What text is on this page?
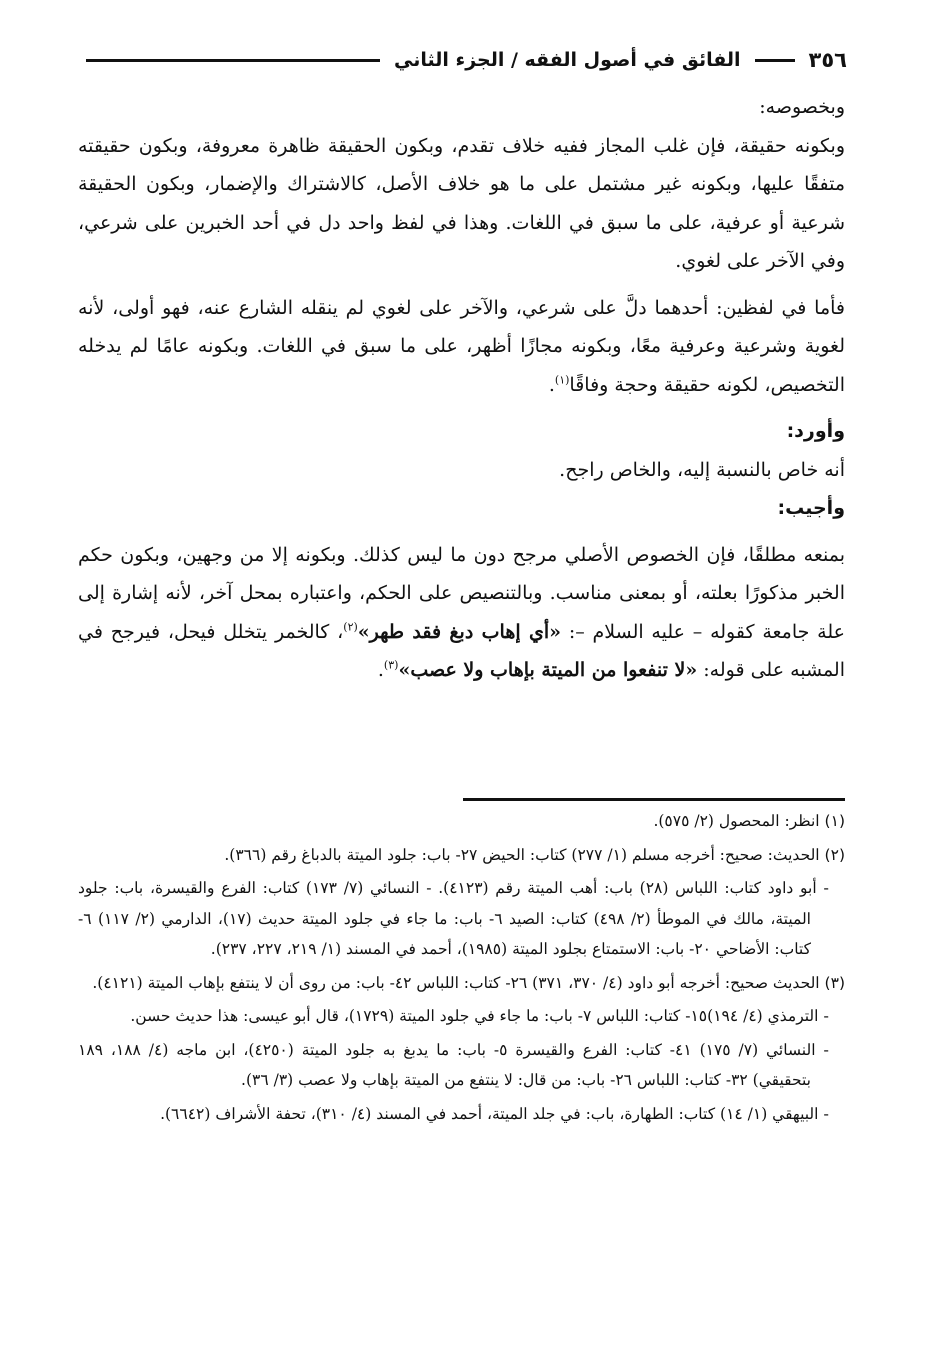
٣٥٦
الفائق في أصول الفقه / الجزء الثاني

وبخصوصه:

وبكونه حقيقة، فإن غلب المجاز ففيه خلاف تقدم، وبكون الحقيقة ظاهرة معروفة، وبكون حقيقته متفقًا عليها، وبكونه غير مشتمل على ما هو خلاف الأصل، كالاشتراك والإضمار، وبكون الحقيقة شرعية أو عرفية، على ما سبق في اللغات. وهذا في لفظ واحد دل في أحد الخبرين على شرعي، وفي الآخر على لغوي.

فأما في لفظين: أحدهما دلَّ على شرعي، والآخر على لغوي لم ينقله الشارع عنه، فهو أولى، لأنه لغوية وشرعية وعرفية معًا، وبكونه مجازًا أظهر، على ما سبق في اللغات. وبكونه عامًا لم يدخله التخصيص، لكونه حقيقة وحجة وفاقًا$^{(١)}$.

وأورد:

أنه خاص بالنسبة إليه، والخاص راجح.

وأجيب:

بمنعه مطلقًا، فإن الخصوص الأصلي مرجح دون ما ليس كذلك. وبكونه إلا من وجهين، وبكون حكم الخبر مذكورًا بعلته، أو بمعنى مناسب. وبالتنصيص على الحكم، واعتباره بمحل آخر، لأنه إشارة إلى علة جامعة كقوله – عليه السلام –: «أي إهاب دبغ فقد طهر»$^{(٢)}$، كالخمر يتخلل فيحل، فيرجح في المشبه على قوله: «لا تنفعوا من الميتة بإهاب ولا عصب»$^{(٣)}$.

(١) انظر: المحصول (٢/ ٥٧٥).

(٢) الحديث: صحيح: أخرجه مسلم (١/ ٢٧٧) كتاب: الحيض ٢٧- باب: جلود الميتة بالدباغ رقم (٣٦٦).

- أبو داود كتاب: اللباس (٢٨) باب: أهب الميتة رقم (٤١٢٣). - النسائي (٧/ ١٧٣) كتاب: الفرع والقيسرة، باب: جلود الميتة، مالك في الموطأ (٢/ ٤٩٨) كتاب: الصيد ٦- باب: ما جاء في جلود الميتة حديث (١٧)، الدارمي (٢/ ١١٧) ٦- كتاب: الأضاحي ٢٠- باب: الاستمتاع بجلود الميتة (١٩٨٥)، أحمد في المسند (١/ ٢١٩، ٢٢٧، ٢٣٧).

(٣) الحديث صحيح: أخرجه أبو داود (٤/ ٣٧٠، ٣٧١) ٢٦- كتاب: اللباس ٤٢- باب: من روى أن لا ينتفع بإهاب الميتة (٤١٢١).

- الترمذي (٤/ ١٩٤)١٥- كتاب: اللباس ٧- باب: ما جاء في جلود الميتة (١٧٢٩)، قال أبو عيسى: هذا حديث حسن.

- النسائي (٧/ ١٧٥) ٤١- كتاب: الفرع والقيسرة ٥- باب: ما يدبغ به جلود الميتة (٤٢٥٠)، ابن ماجه (٤/ ١٨٨، ١٨٩ بتحقيقي) ٣٢- كتاب: اللباس ٢٦- باب: من قال: لا ينتفع من الميتة بإهاب ولا عصب (٣/ ٣٦).

- البيهقي (١/ ١٤) كتاب: الطهارة، باب: في جلد الميتة، أحمد في المسند (٤/ ٣١٠)، تحفة الأشراف (٦٦٤٢).
